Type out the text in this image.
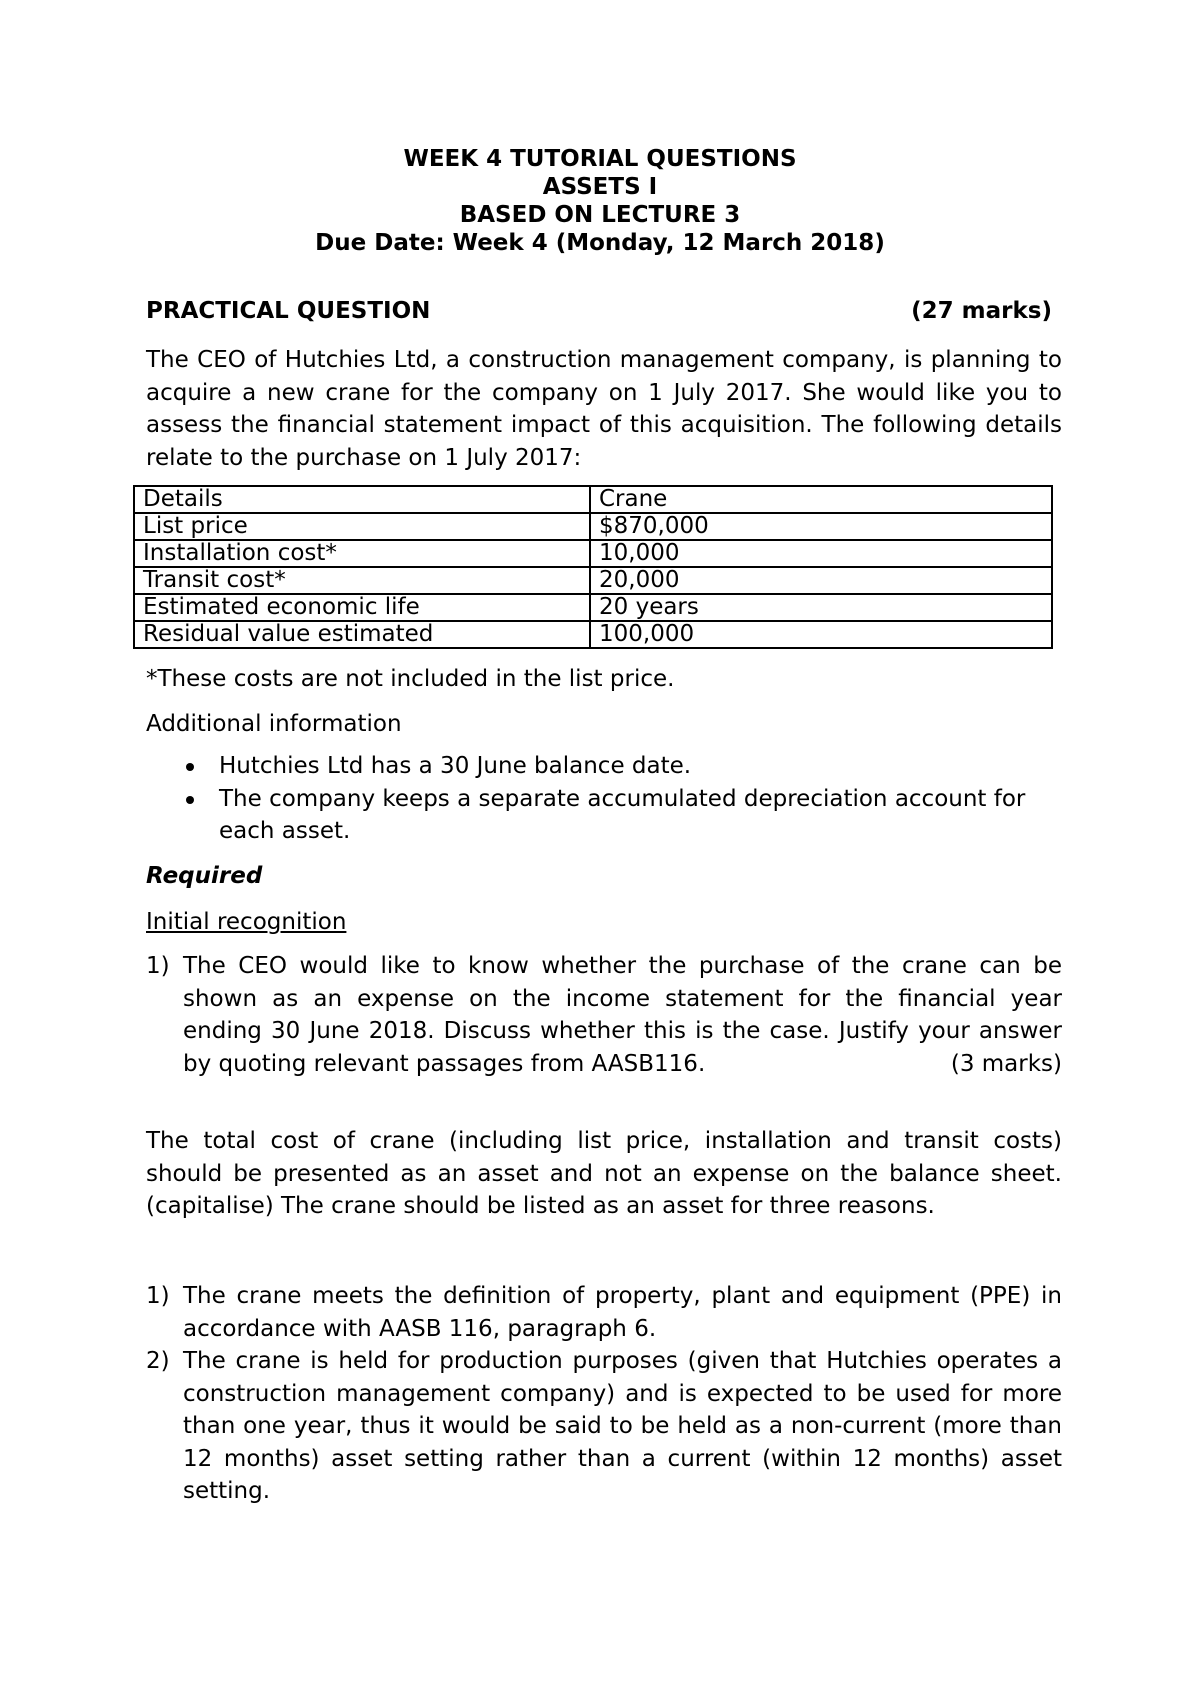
WEEK 4 TUTORIAL QUESTIONS
ASSETS I
BASED ON LECTURE 3
Due Date: Week 4 (Monday, 12 March 2018)
PRACTICAL QUESTION	(27 marks)
The CEO of Hutchies Ltd, a construction management company, is planning to acquire a new crane for the company on 1 July 2017. She would like you to assess the financial statement impact of this acquisition. The following details relate to the purchase on 1 July 2017:
Details	Crane
List price	$870,000
Installation cost*	10,000
Transit cost*	20,000
Estimated economic life	20 years
Residual value estimated	100,000
*These costs are not included in the list price.
Additional information
Hutchies Ltd has a 30 June balance date.
The company keeps a separate accumulated depreciation account for each asset.
Required
Initial recognition
1) The CEO would like to know whether the purchase of the crane can be shown as an expense on the income statement for the financial year ending 30 June 2018. Discuss whether this is the case. Justify your answer by quoting relevant passages from AASB116.	(3 marks)
The total cost of crane (including list price, installation and transit costs) should be presented as an asset and not an expense on the balance sheet. (capitalise) The crane should be listed as an asset for three reasons.
1) The crane meets the definition of property, plant and equipment (PPE) in accordance with AASB 116, paragraph 6.
2) The crane is held for production purposes (given that Hutchies operates a construction management company) and is expected to be used for more than one year, thus it would be said to be held as a non-current (more than 12 months) asset setting rather than a current (within 12 months) asset setting.
